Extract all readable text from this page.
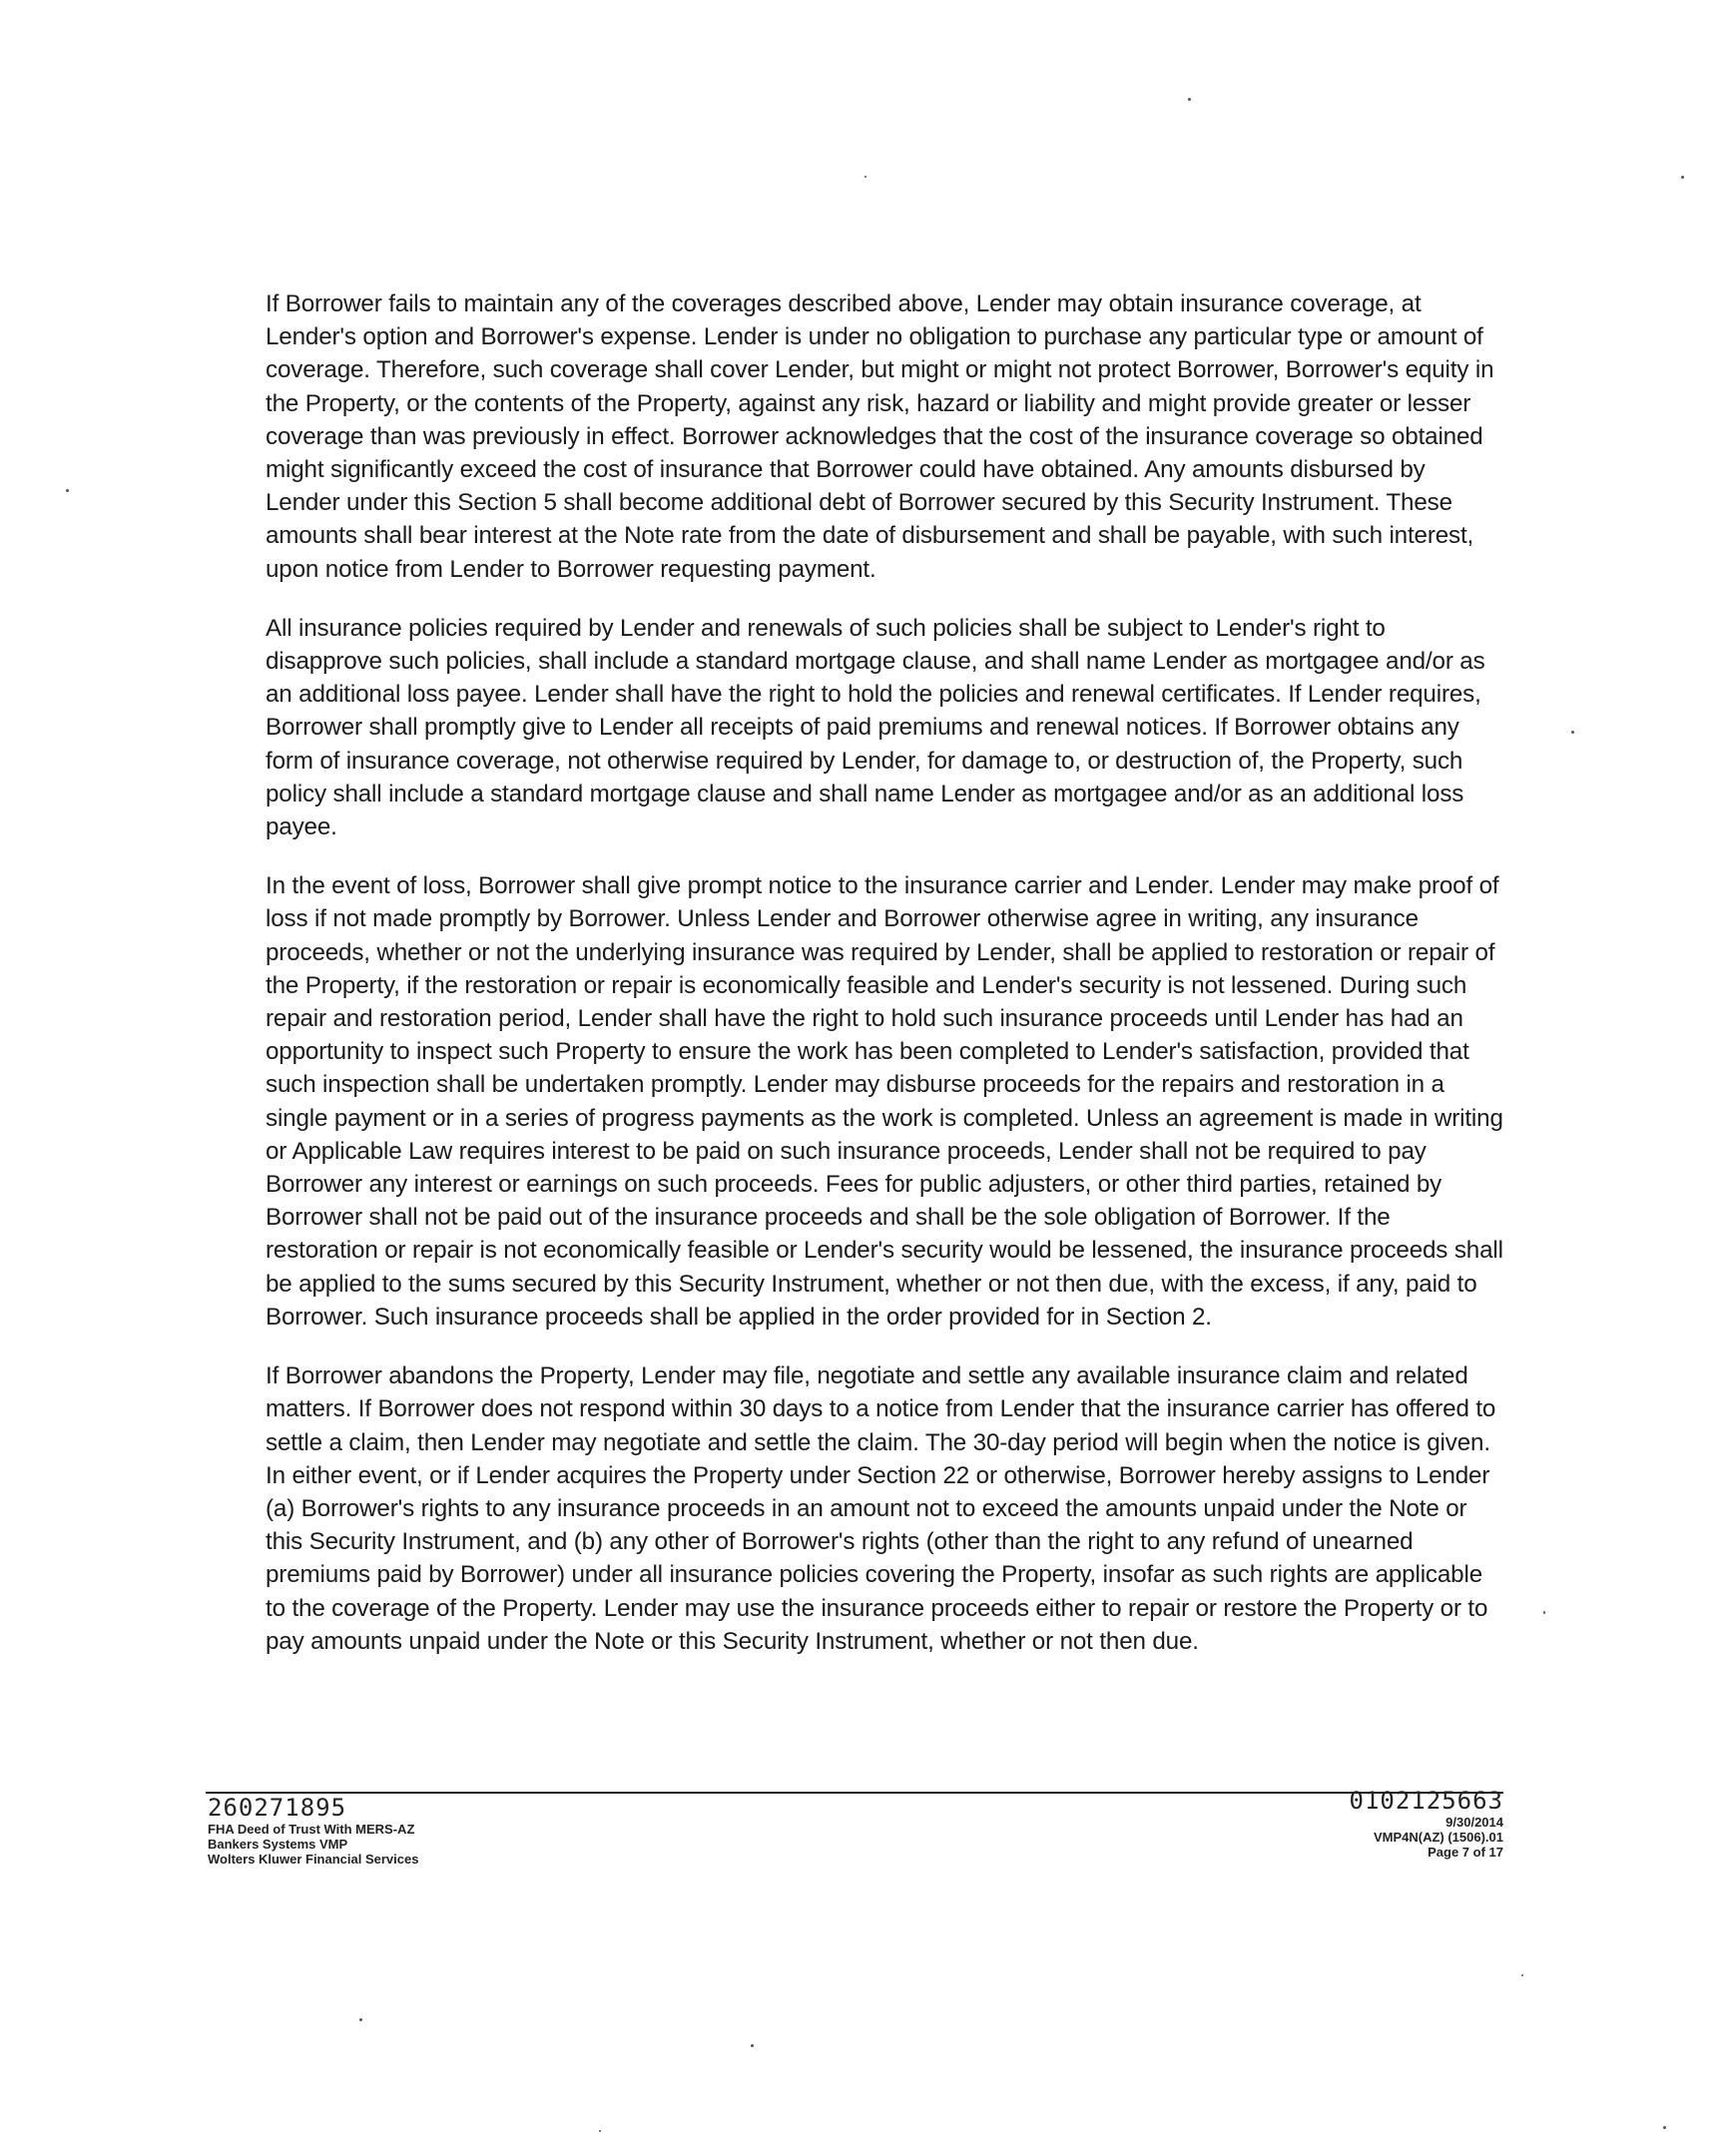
If Borrower fails to maintain any of the coverages described above, Lender may obtain insurance coverage, at Lender's option and Borrower's expense. Lender is under no obligation to purchase any particular type or amount of coverage. Therefore, such coverage shall cover Lender, but might or might not protect Borrower, Borrower's equity in the Property, or the contents of the Property, against any risk, hazard or liability and might provide greater or lesser coverage than was previously in effect. Borrower acknowledges that the cost of the insurance coverage so obtained might significantly exceed the cost of insurance that Borrower could have obtained. Any amounts disbursed by Lender under this Section 5 shall become additional debt of Borrower secured by this Security Instrument. These amounts shall bear interest at the Note rate from the date of disbursement and shall be payable, with such interest, upon notice from Lender to Borrower requesting payment.

All insurance policies required by Lender and renewals of such policies shall be subject to Lender's right to disapprove such policies, shall include a standard mortgage clause, and shall name Lender as mortgagee and/or as an additional loss payee. Lender shall have the right to hold the policies and renewal certificates. If Lender requires, Borrower shall promptly give to Lender all receipts of paid premiums and renewal notices. If Borrower obtains any form of insurance coverage, not otherwise required by Lender, for damage to, or destruction of, the Property, such policy shall include a standard mortgage clause and shall name Lender as mortgagee and/or as an additional loss payee.

In the event of loss, Borrower shall give prompt notice to the insurance carrier and Lender. Lender may make proof of loss if not made promptly by Borrower. Unless Lender and Borrower otherwise agree in writing, any insurance proceeds, whether or not the underlying insurance was required by Lender, shall be applied to restoration or repair of the Property, if the restoration or repair is economically feasible and Lender's security is not lessened. During such repair and restoration period, Lender shall have the right to hold such insurance proceeds until Lender has had an opportunity to inspect such Property to ensure the work has been completed to Lender's satisfaction, provided that such inspection shall be undertaken promptly. Lender may disburse proceeds for the repairs and restoration in a single payment or in a series of progress payments as the work is completed. Unless an agreement is made in writing or Applicable Law requires interest to be paid on such insurance proceeds, Lender shall not be required to pay Borrower any interest or earnings on such proceeds. Fees for public adjusters, or other third parties, retained by Borrower shall not be paid out of the insurance proceeds and shall be the sole obligation of Borrower. If the restoration or repair is not economically feasible or Lender's security would be lessened, the insurance proceeds shall be applied to the sums secured by this Security Instrument, whether or not then due, with the excess, if any, paid to Borrower. Such insurance proceeds shall be applied in the order provided for in Section 2.

If Borrower abandons the Property, Lender may file, negotiate and settle any available insurance claim and related matters. If Borrower does not respond within 30 days to a notice from Lender that the insurance carrier has offered to settle a claim, then Lender may negotiate and settle the claim. The 30-day period will begin when the notice is given. In either event, or if Lender acquires the Property under Section 22 or otherwise, Borrower hereby assigns to Lender (a) Borrower's rights to any insurance proceeds in an amount not to exceed the amounts unpaid under the Note or this Security Instrument, and (b) any other of Borrower's rights (other than the right to any refund of unearned premiums paid by Borrower) under all insurance policies covering the Property, insofar as such rights are applicable to the coverage of the Property. Lender may use the insurance proceeds either to repair or restore the Property or to pay amounts unpaid under the Note or this Security Instrument, whether or not then due.

260271895
FHA Deed of Trust With MERS-AZ
Bankers Systems VMP
Wolters Kluwer Financial Services
0102125663
9/30/2014
VMP4N(AZ) (1506).01
Page 7 of 17
